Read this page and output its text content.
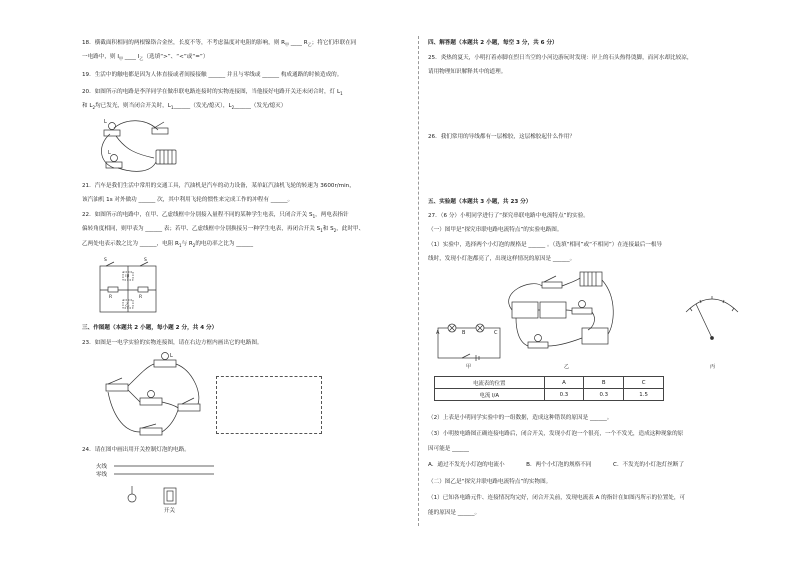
18．横截面积相同的两根镍铬合金丝，长度不等，不考虑温度对电阻的影响，则 $R_甲$ ____ $R_乙$；将它们串联在同
一电路中，则 $I_甲$ ____ $I_乙$（选填“>”、“<”或“=”）
19．生活中的触电都是因为人体直接或者间接接触 ______ 并且与零线或 ______ 构成通路的时候造成的。
20．如图所示的电路是李洋同学在做串联电路连接时的实物连接图，当他接好电路开关还未闭合时，灯 $L_1$
和 $L_2$均已发光，则当闭合开关时，$L_1\_\_\_\_\_\_$（发光/熄灭），$L_2\_\_\_\_\_\_$（发光/熄灭）
L
L
21．汽车是我们生活中常用的交通工具，汽油机是汽车的动力设备，某单缸汽油机飞轮的转速为 3600r/min，
该汽油机 1s 对外做功 ______ 次，其中利用飞轮的惯性来完成工作的冲程有 ______。
22．如图所示的电路中，在甲、乙虚线框中分别接入量程不同的某种学生电表，只闭合开关 $S_1$，两电表指针
偏转角度相同，则甲表为 ______ 表；若甲、乙虚线框中分别换接另一种学生电表，再闭合开关 $S_1$和 $S_2$，此时甲、
乙两处电表示数之比为 ______，电阻 $R_1$与 $R_2$的电功率之比为 ______
S	S
甲
乙
R	R
三、作图题（本题共 2 小题，每小题 2 分，共 4 分）
23．如图是一电学实验的实物连接图，请在右边方框内画出它的电路图。
L
24．请在图中画出用开关控制灯泡的电路。
火线
零线
开关
四、解答题（本题共 2 小题，每空 3 分，共 6 分）
25．炎热的夏天，小明打着赤脚在烈日当空的小河边游玩时发现：岸上的石头热得烫脚，而河水却比较凉，
请用物理知识解释其中的道理。
26．我们常用的导线都有一层橡胶，这层橡胶起什么作用？
五、实验题（本题共 3 小题，共 23 分）
27．（6 分）小明同学进行了“探究串联电路中电流特点”的实验。
（一）图甲是“探究串联电路电流特点”的实验电路图。
（1）实验中，选择两个小灯泡的规格是 ______ 。（选填“相同”或“不相同”）在连接最后一根导
线时，发现小灯泡都亮了，出现这样情况的原因是 ______。
A	B	C
甲	乙	丙
电流表的位置	A	B	C
电流 I/A	0.3	0.3	1.5
（2）上表是小明同学实验中的一组数据，造成这种错误的原因是 ______。
（3）小明按电路图正确连接电路后，闭合开关，发现小灯泡一个很亮，一个不发光，造成这种现象的原
因可能是 ______
A．通过不发光小灯泡的电流小	B．两个小灯泡的规格不同	C．不发光的小灯泡灯丝断了
（二）图乙是“探究并联电路电流特点”的实物图。
（1）已知各电路元件、连接情况均完好，闭合开关前，发现电流表 A 的指针在如图丙所示的位置处，可
能的原因是 ______。
